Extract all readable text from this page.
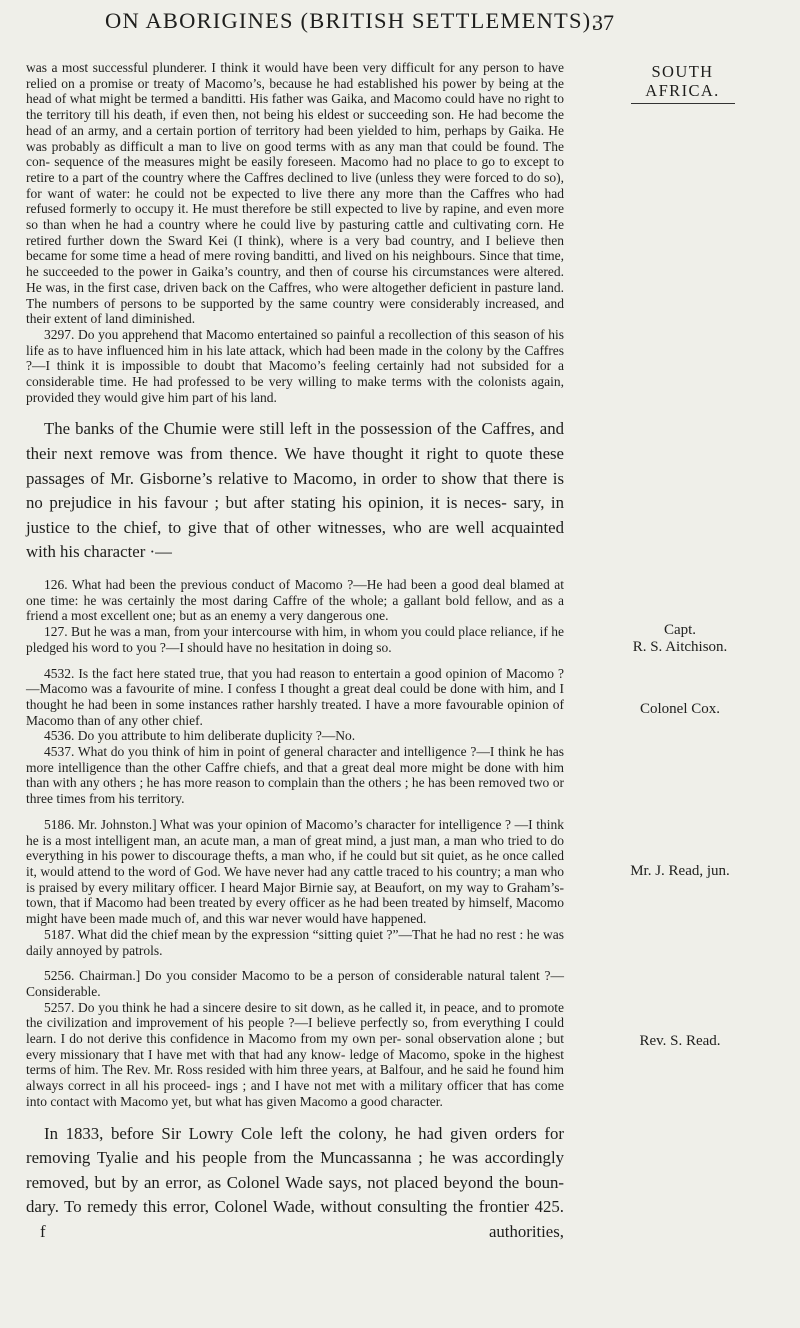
ON ABORIGINES (BRITISH SETTLEMENTS).
37
SOUTH
AFRICA.
Capt.
R. S. Aitchison.
Colonel Cox.
Mr. J. Read, jun.
Rev. S. Read.

was a most successful plunderer. I think it would have been very difficult for any person to have relied on a promise or treaty of Macomo’s, because he had established his power by being at the head of what might be termed a banditti. His father was Gaika, and Macomo could have no right to the territory till his death, if even then, not being his eldest or succeeding son. He had become the head of an army, and a certain portion of territory had been yielded to him, perhaps by Gaika. He was probably as difficult a man to live on good terms with as any man that could be found. The con- sequence of the measures might be easily foreseen. Macomo had no place to go to except to retire to a part of the country where the Caffres declined to live (unless they were forced to do so), for want of water: he could not be expected to live there any more than the Caffres who had refused formerly to occupy it. He must therefore be still expected to live by rapine, and even more so than when he had a country where he could live by pasturing cattle and cultivating corn. He retired further down the Sward Kei (I think), where is a very bad country, and I believe then became for some time a head of mere roving banditti, and lived on his neighbours. Since that time, he succeeded to the power in Gaika’s country, and then of course his circumstances were altered. He was, in the first case, driven back on the Caffres, who were altogether deficient in pasture land. The numbers of persons to be supported by the same country were considerably increased, and their extent of land diminished.

3297. Do you apprehend that Macomo entertained so painful a recollection of this season of his life as to have influenced him in his late attack, which had been made in the colony by the Caffres ?—I think it is impossible to doubt that Macomo’s feeling certainly had not subsided for a considerable time. He had professed to be very willing to make terms with the colonists again, provided they would give him part of his land.

The banks of the Chumie were still left in the possession of the Caffres, and their next remove was from thence. We have thought it right to quote these passages of Mr. Gisborne’s relative to Macomo, in order to show that there is no prejudice in his favour ; but after stating his opinion, it is neces- sary, in justice to the chief, to give that of other witnesses, who are well acquainted with his character ·—

126. What had been the previous conduct of Macomo ?—He had been a good deal blamed at one time: he was certainly the most daring Caffre of the whole; a gallant bold fellow, and as a friend a most excellent one; but as an enemy a very dangerous one.

127. But he was a man, from your intercourse with him, in whom you could place reliance, if he pledged his word to you ?—I should have no hesitation in doing so.

4532. Is the fact here stated true, that you had reason to entertain a good opinion of Macomo ?—Macomo was a favourite of mine. I confess I thought a great deal could be done with him, and I thought he had been in some instances rather harshly treated. I have a more favourable opinion of Macomo than of any other chief.

4536. Do you attribute to him deliberate duplicity ?—No.

4537. What do you think of him in point of general character and intelligence ?—I think he has more intelligence than the other Caffre chiefs, and that a great deal more might be done with him than with any others ; he has more reason to complain than the others ; he has been removed two or three times from his territory.

5186. Mr. Johnston.] What was your opinion of Macomo’s character for intelligence ? —I think he is a most intelligent man, an acute man, a man of great mind, a just man, a man who tried to do everything in his power to discourage thefts, a man who, if he could but sit quiet, as he once called it, would attend to the word of God. We have never had any cattle traced to his country; a man who is praised by every military officer. I heard Major Birnie say, at Beaufort, on my way to Graham’s-town, that if Macomo had been treated by every officer as he had been treated by himself, Macomo might have been made much of, and this war never would have happened.

5187. What did the chief mean by the expression “sitting quiet ?”—That he had no rest : he was daily annoyed by patrols.

5256. Chairman.] Do you consider Macomo to be a person of considerable natural talent ?—Considerable.

5257. Do you think he had a sincere desire to sit down, as he called it, in peace, and to promote the civilization and improvement of his people ?—I believe perfectly so, from everything I could learn. I do not derive this confidence in Macomo from my own per- sonal observation alone ; but every missionary that I have met with that had any know- ledge of Macomo, spoke in the highest terms of him. The Rev. Mr. Ross resided with him three years, at Balfour, and he said he found him always correct in all his proceed- ings ; and I have not met with a military officer that has come into contact with Macomo yet, but what has given Macomo a good character.

In 1833, before Sir Lowry Cole left the colony, he had given orders for removing Tyalie and his people from the Muncassanna ; he was accordingly removed, but by an error, as Colonel Wade says, not placed beyond the boun- dary. To remedy this error, Colonel Wade, without consulting the frontier 425. f	authorities,
